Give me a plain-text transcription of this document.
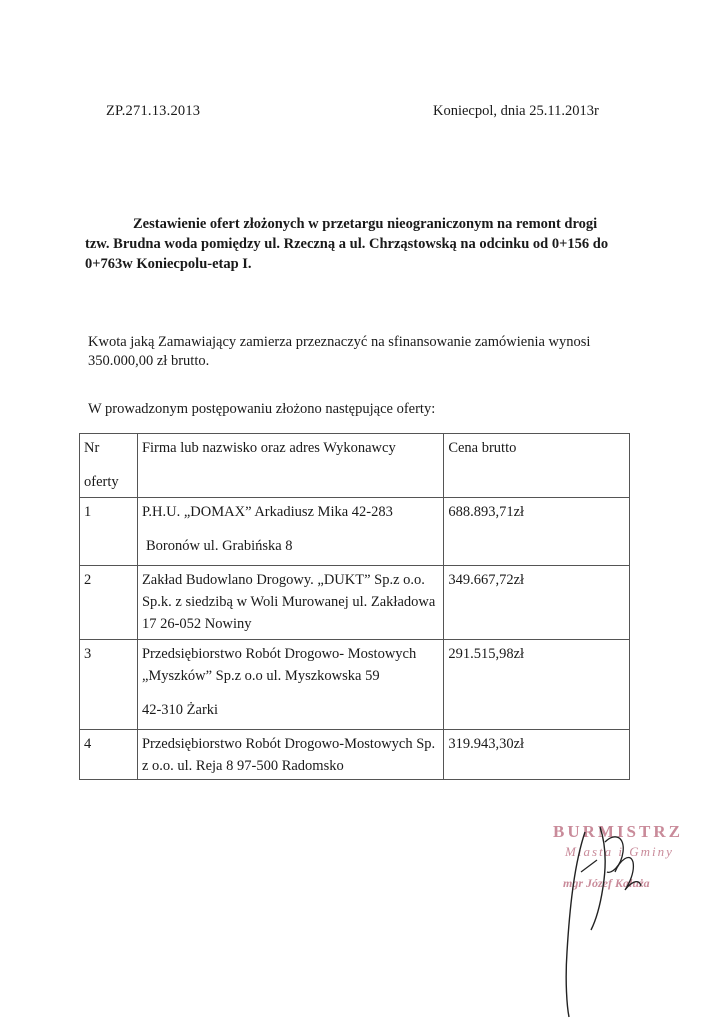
ZP.271.13.2013	Koniecpol, dnia 25.11.2013r
Zestawienie ofert złożonych w przetargu nieograniczonym na remont drogi
tzw. Brudna woda pomiędzy ul. Rzeczną a ul. Chrząstowską na odcinku od 0+156 do
0+763w Koniecpolu-etap I.
Kwota jaką Zamawiający zamierza przeznaczyć na sfinansowanie zamówienia wynosi
350.000,00 zł brutto.
W prowadzonym postępowaniu złożono następujące oferty:
Nr

oferty	Firma lub nazwisko oraz adres Wykonawcy	Cena brutto
1	P.H.U. „DOMAX” Arkadiusz Mika 42-283
Boronów ul. Grabińska 8	688.893,71zł
2	Zakład Budowlano Drogowy. „DUKT” Sp.z o.o.
Sp.k. z siedzibą w Woli Murowanej ul. Zakładowa
17 26-052 Nowiny	349.667,72zł
3	Przedsiębiorstwo Robót Drogowo- Mostowych
„Myszków” Sp.z o.o ul. Myszkowska 59
42-310 Żarki	291.515,98zł
4	Przedsiębiorstwo Robót Drogowo-Mostowych Sp.
z o.o. ul. Reja 8 97-500 Radomsko	319.943,30zł
BURMISTRZ
Miasta i Gminy
mgr Józef Kałuża
